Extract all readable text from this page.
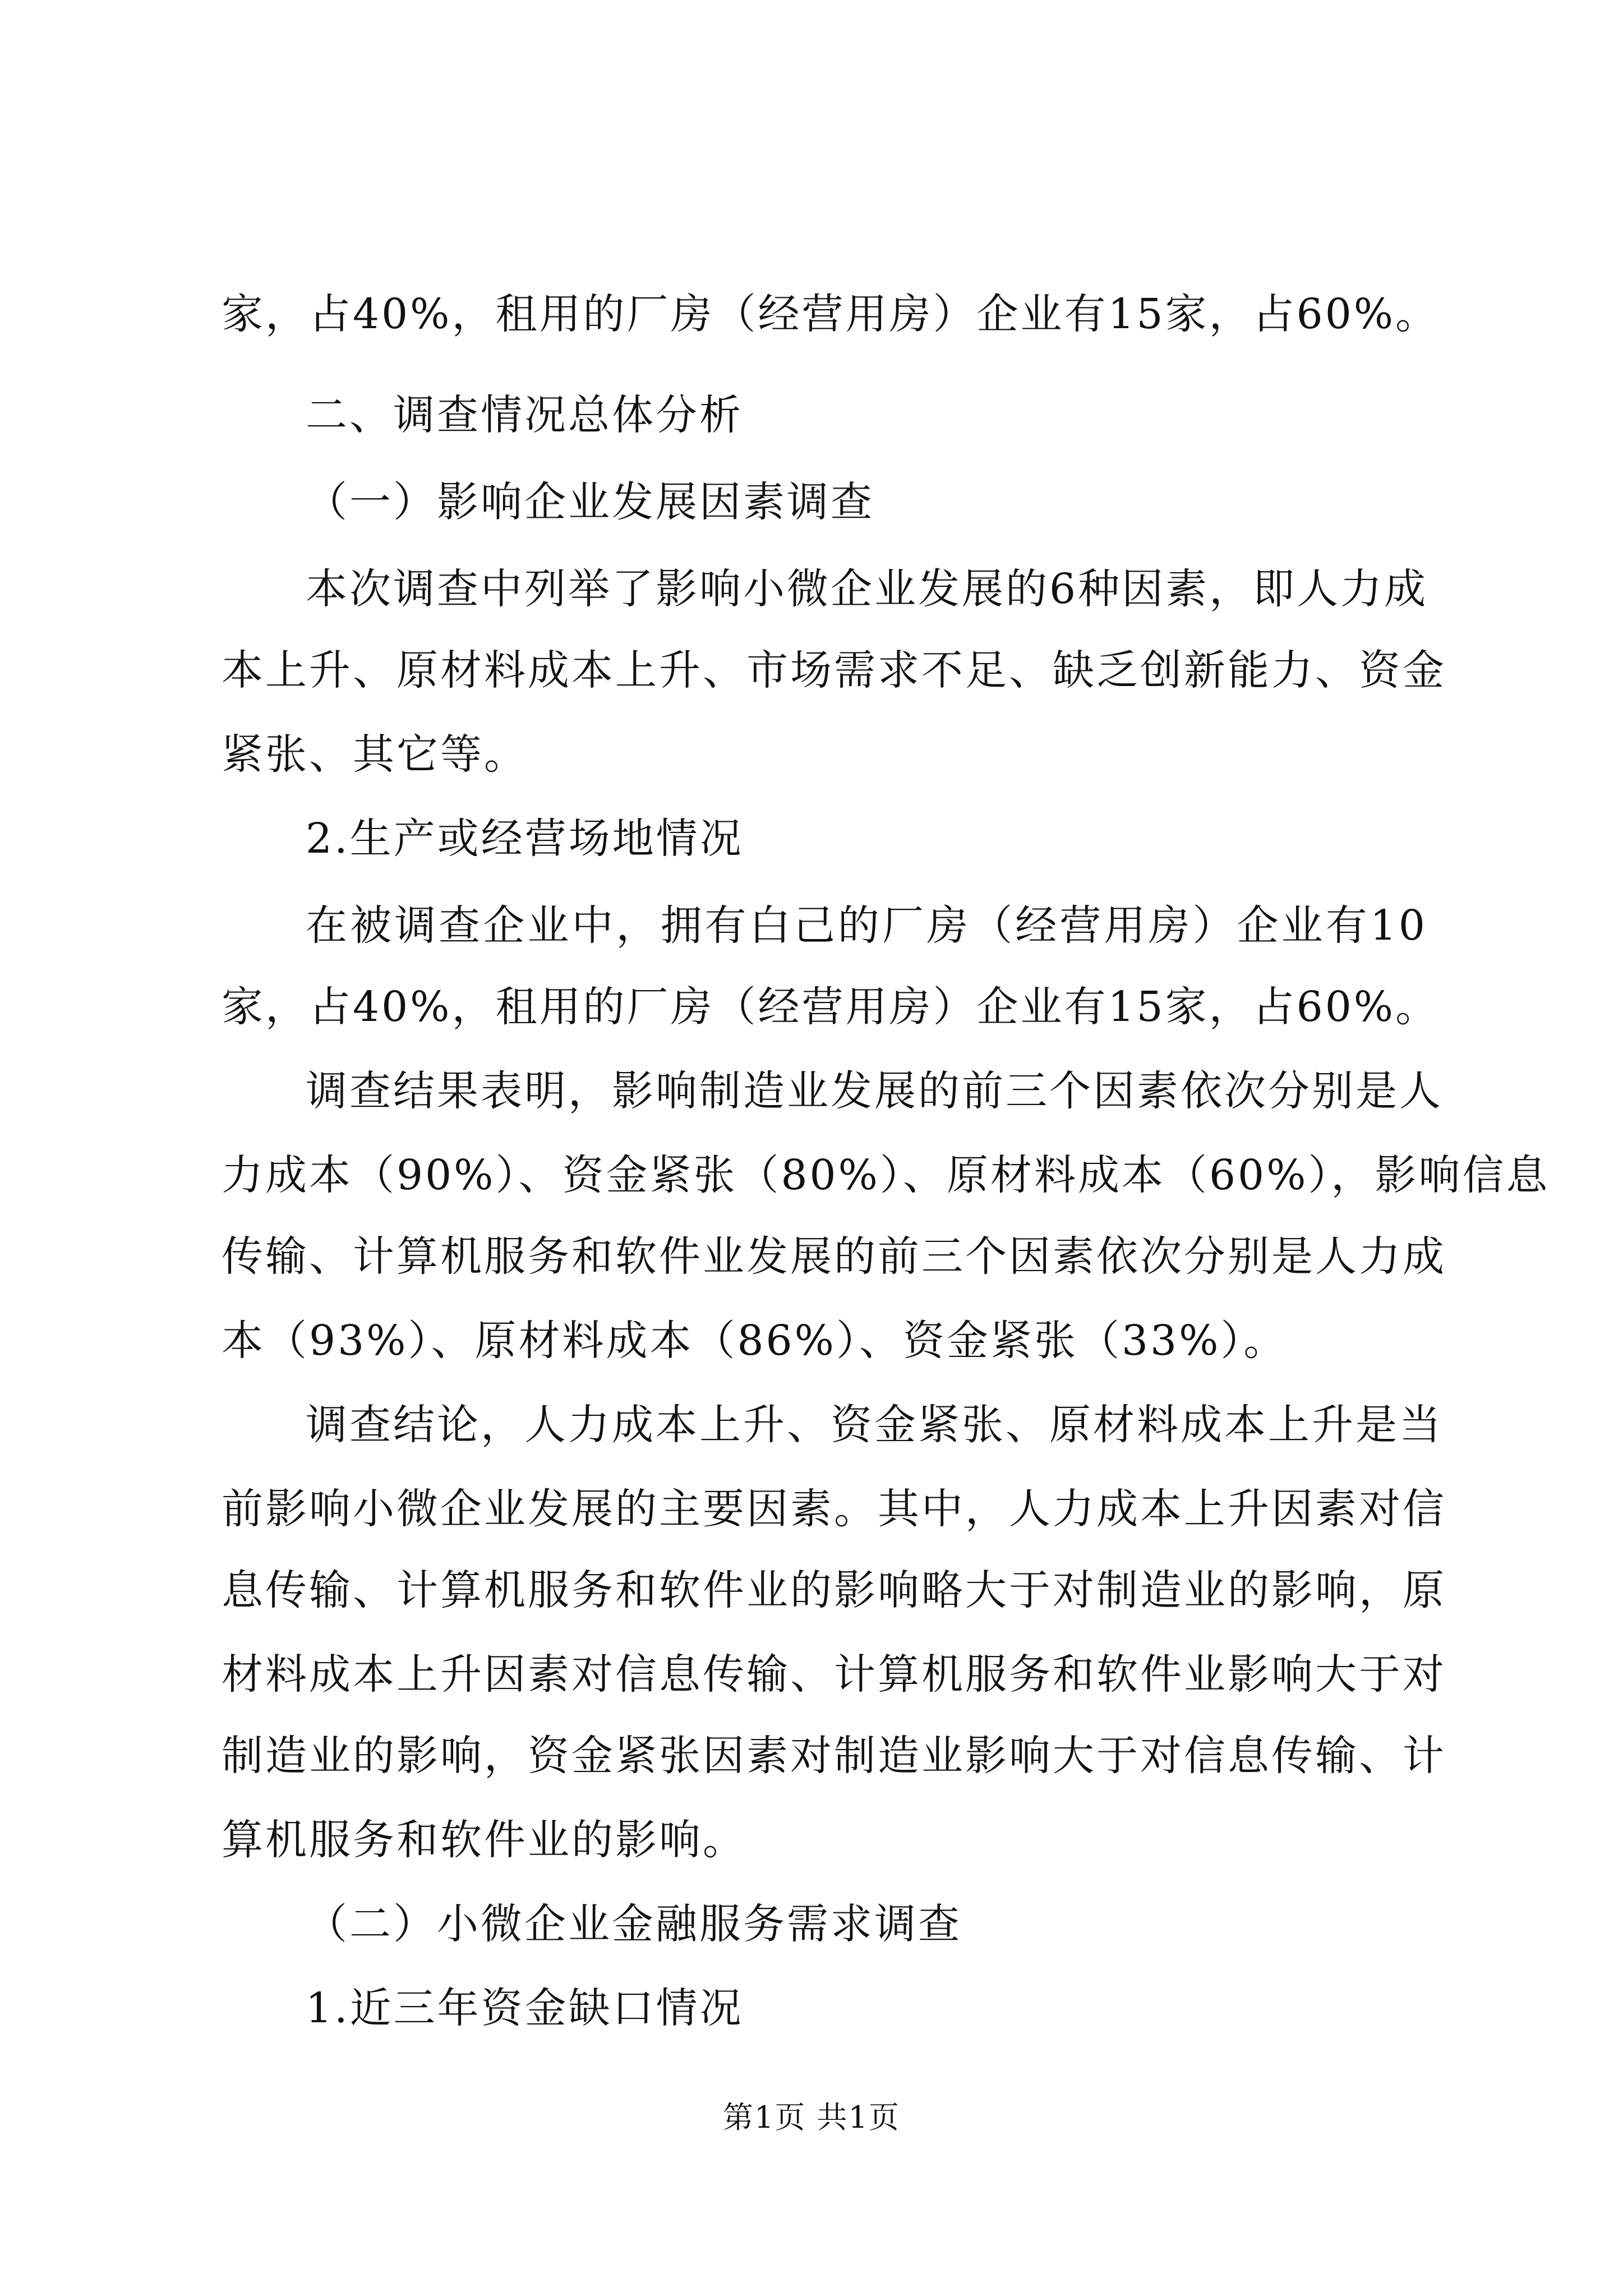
家，占40%，租用的厂房（经营用房）企业有15家，占60%。
二、调查情况总体分析
（一）影响企业发展因素调查
本次调查中列举了影响小微企业发展的6种因素，即人力成
本上升、原材料成本上升、市场需求不足、缺乏创新能力、资金
紧张、其它等。
2.生产或经营场地情况
在被调查企业中，拥有白己的厂房（经营用房）企业有10
家，占40%，租用的厂房（经营用房）企业有15家，占60%。
调查结果表明，影响制造业发展的前三个因素依次分别是人
力成本（90%）、资金紧张（80%）、原材料成本（60%），影响信息
传输、计算机服务和软件业发展的前三个因素依次分别是人力成
本（93%）、原材料成本（86%）、资金紧张（33%）。
调查结论，人力成本上升、资金紧张、原材料成本上升是当
前影响小微企业发展的主要因素。其中，人力成本上升因素对信
息传输、计算机服务和软件业的影响略大于对制造业的影响，原
材料成本上升因素对信息传输、计算机服务和软件业影响大于对
制造业的影响，资金紧张因素对制造业影响大于对信息传输、计
算机服务和软件业的影响。
（二）小微企业金融服务需求调查
1.近三年资金缺口情况
第1页 共1页
